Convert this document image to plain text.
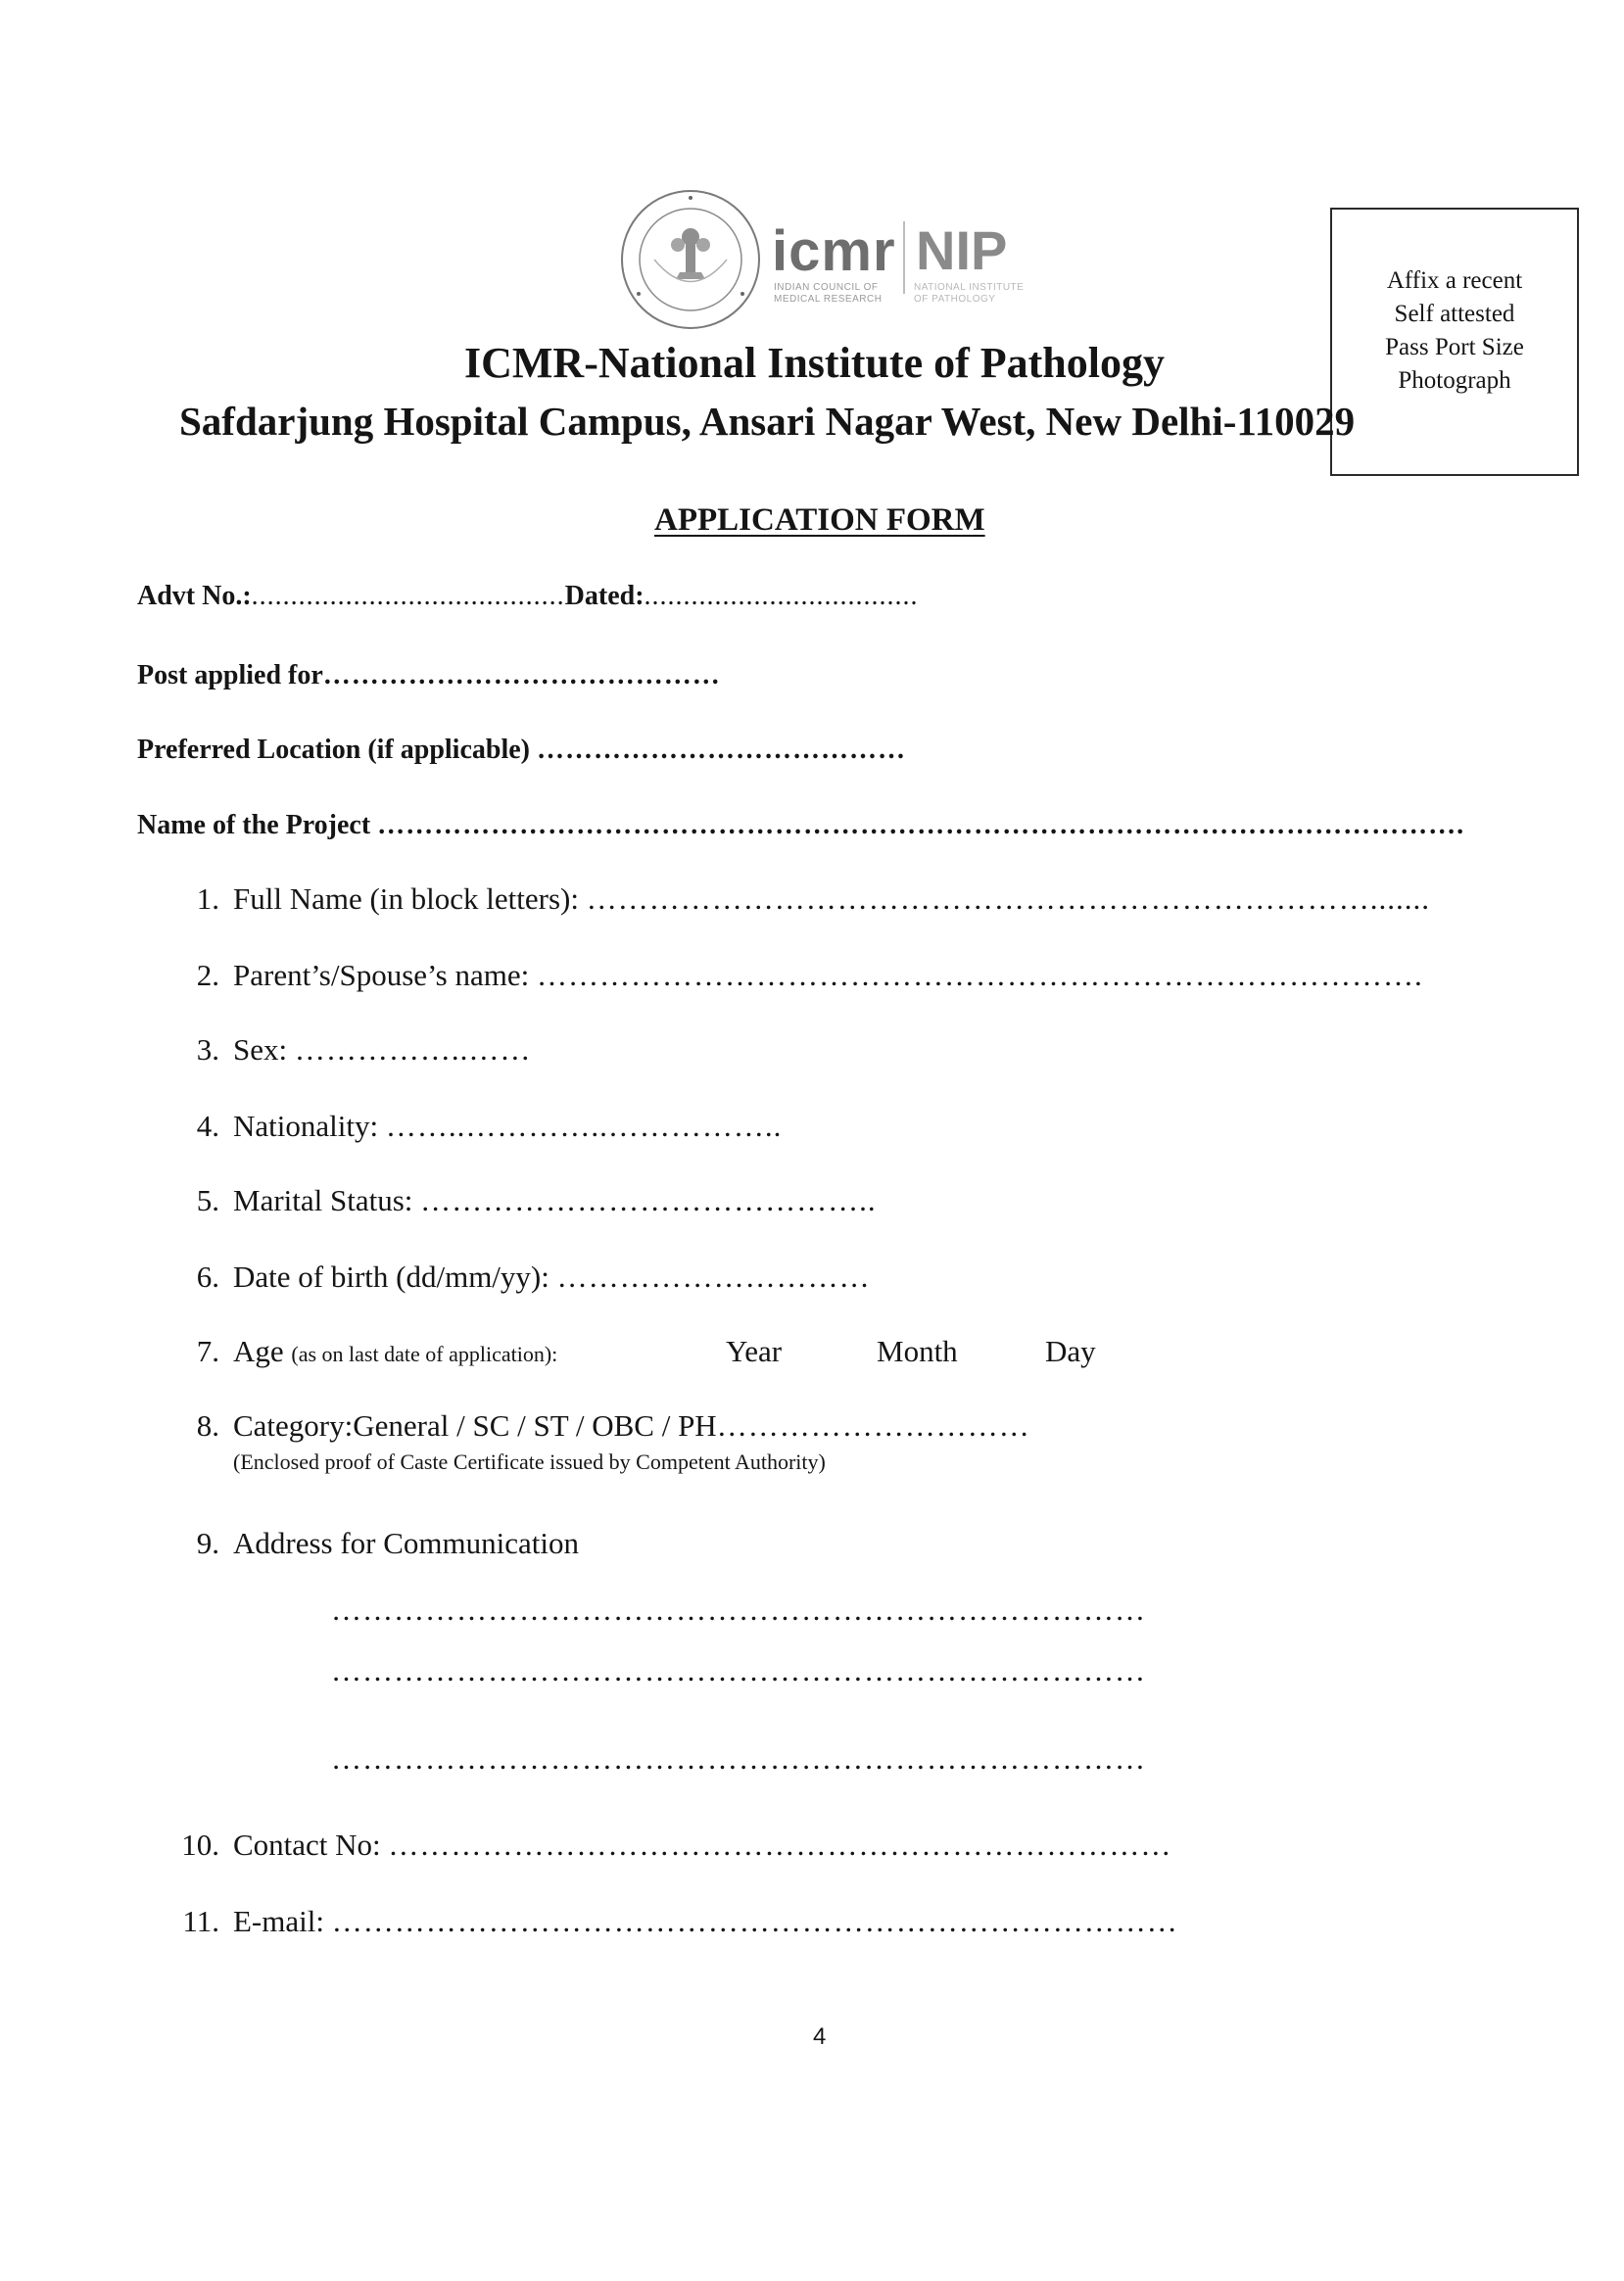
icmr NIP
INDIAN COUNCIL OF
MEDICAL RESEARCH
NATIONAL INSTITUTE
OF PATHOLOGY
Affix a recent
Self attested
Pass Port Size
Photograph
ICMR-National Institute of Pathology
Safdarjung Hospital Campus, Ansari Nagar West, New Delhi-110029
APPLICATION FORM
Advt No.:........................................Dated:...................................
Post applied for……………………………………
Preferred Location (if applicable) …………………………………
Name of the Project …………………………………………………………………………………………………….
1. Full Name (in block letters): ………………………………………………………………….......
2. Parent’s/Spouse’s name: ………………………………………………………………………….
3. Sex: ……………..……
4. Nationality: ……..…………..……………..
5. Marital Status: ……………………………………..
6. Date of birth (dd/mm/yy): …………………………
7. Age (as on last date of application):	Year	Month	Day
8. Category:General / SC / ST / OBC / PH…………………………
(Enclosed proof of Caste Certificate issued by Competent Authority)
9. Address for Communication
……………………………………………………………………
……………………………………………………………………
……………………………………………………………………
10. Contact No: …………………………………………………………………
11. E-mail: ………………………………………………………………………
4
